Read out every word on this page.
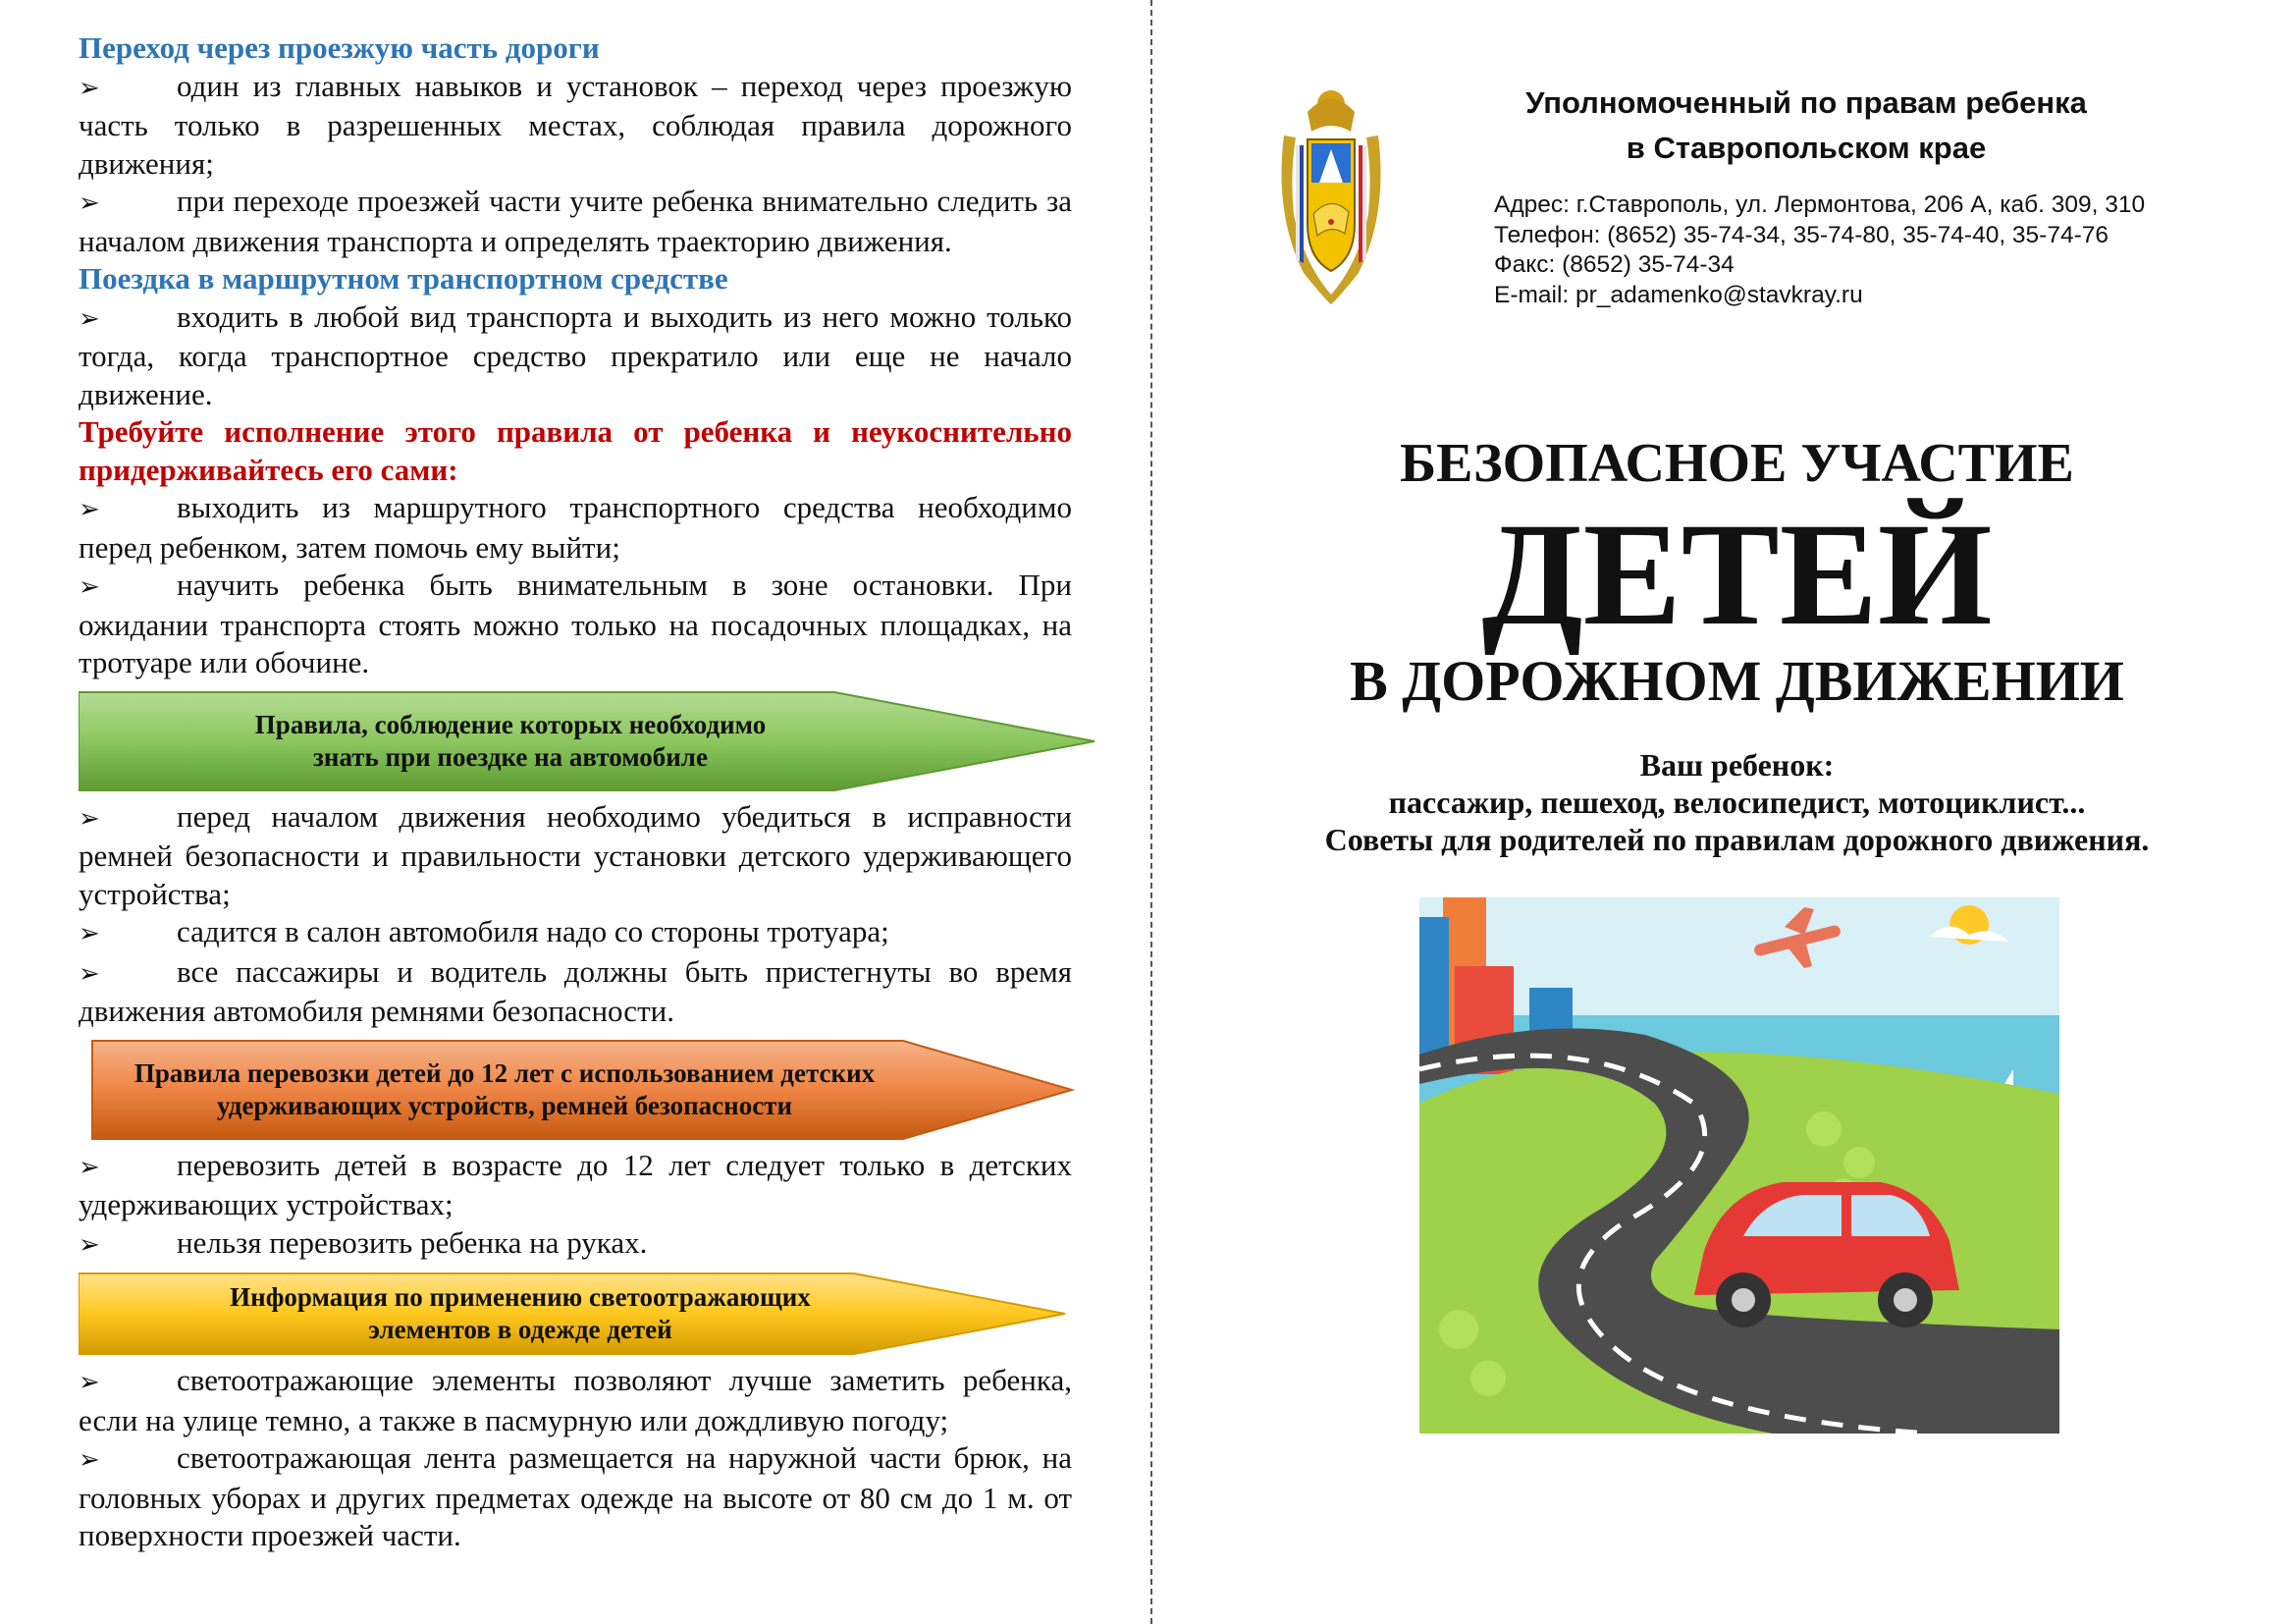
Переход через проезжую часть дороги
➢	один из главных навыков и установок – переход через проезжую часть только в разрешенных местах, соблюдая правила дорожного движения;
➢	при переходе проезжей части учите ребенка внимательно следить за началом движения транспорта и определять траекторию движения.
Поездка в маршрутном транспортном средстве
➢	входить в любой вид транспорта и выходить из него можно только тогда, когда транспортное средство прекратило или еще не начало движение.
Требуйте исполнение этого правила от ребенка и неукоснительно придерживайтесь его сами:
➢	выходить из маршрутного транспортного средства необходимо перед ребенком, затем помочь ему выйти;
➢	научить ребенка быть внимательным в зоне остановки. При ожидании транспорта стоять можно только на посадочных площадках, на тротуаре или обочине.
Правила, соблюдение которых необходимо
знать при поездке на автомобиле
➢	перед началом движения необходимо убедиться в исправности ремней безопасности и правильности установки детского удерживающего устройства;
➢	садится в салон автомобиля надо со стороны тротуара;
➢	все пассажиры и водитель должны быть пристегнуты во время движения автомобиля ремнями безопасности.
Правила перевозки детей до 12 лет с использованием детских
удерживающих устройств, ремней безопасности
➢	перевозить детей в возрасте до 12 лет следует только в детских удерживающих устройствах;
➢	нельзя перевозить ребенка на руках.
Информация по применению светоотражающих
элементов в одежде детей
➢	светоотражающие элементы позволяют лучше заметить ребенка, если на улице темно, а также в пасмурную или дождливую погоду;
➢	светоотражающая лента размещается на наружной части брюк, на головных уборах и других предметах одежде на высоте от 80 см до 1 м. от поверхности проезжей части.
Уполномоченный по правам ребенка
в Ставропольском крае
Адрес: г.Ставрополь, ул. Лермонтова, 206 А, каб. 309, 310
Телефон: (8652) 35-74-34, 35-74-80, 35-74-40, 35-74-76
Факс: (8652) 35-74-34
E-mail: pr_adamenko@stavkray.ru
БЕЗОПАСНОЕ УЧАСТИЕ
ДЕТЕЙ
В ДОРОЖНОМ ДВИЖЕНИИ
Ваш ребенок:
пассажир, пешеход, велосипедист, мотоциклист...
Советы для родителей по правилам дорожного движения.
